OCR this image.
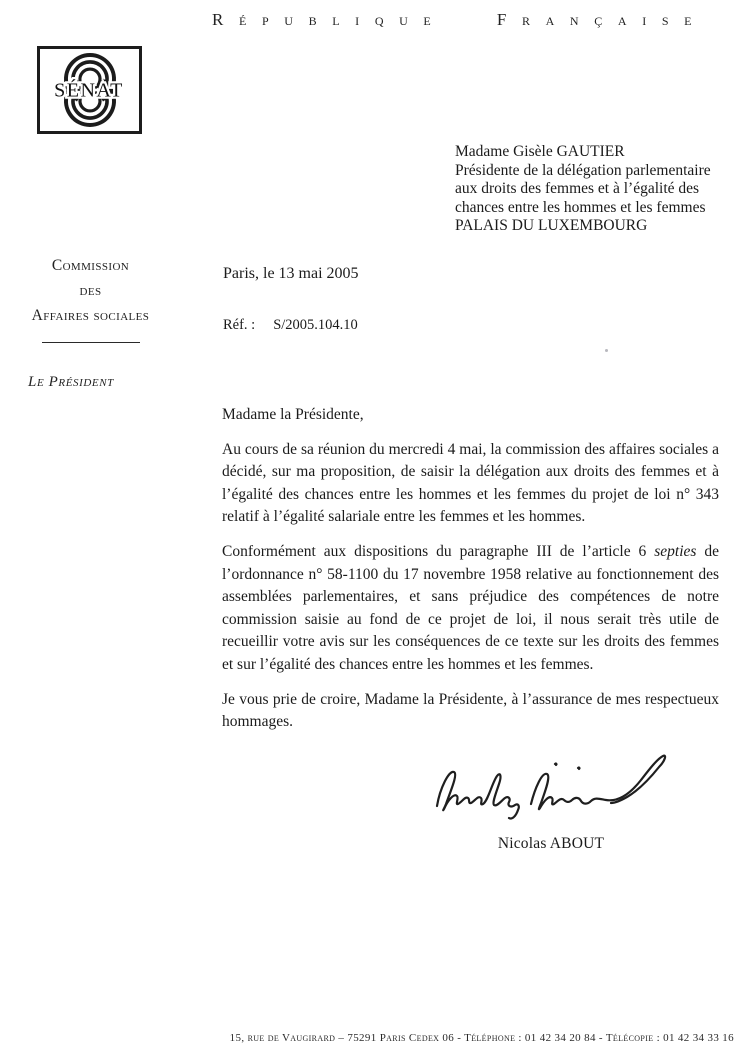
République Française
SÉNAT
Madame Gisèle GAUTIER
Présidente de la délégation parlementaire
aux droits des femmes et à l’égalité des
chances entre les hommes et les femmes
PALAIS DU LUXEMBOURG
Commission
des
Affaires sociales
Le Président
Paris, le 13 mai 2005
Réf. : S/2005.104.10

Madame la Présidente,

Au cours de sa réunion du mercredi 4 mai, la commission des affaires sociales a décidé, sur ma proposition, de saisir la délégation aux droits des femmes et à l’égalité des chances entre les hommes et les femmes du projet de loi n° 343 relatif à l’égalité salariale entre les femmes et les hommes.

Conformément aux dispositions du paragraphe III de l’article 6 septies de l’ordonnance n° 58-1100 du 17 novembre 1958 relative au fonctionnement des assemblées parlementaires, et sans préjudice des compétences de notre commission saisie au fond de ce projet de loi, il nous serait très utile de recueillir votre avis sur les conséquences de ce texte sur les droits des femmes et sur l’égalité des chances entre les hommes et les femmes.

Je vous prie de croire, Madame la Présidente, à l’assurance de mes respectueux hommages.

Nicolas ABOUT
15, rue de Vaugirard – 75291 Paris Cedex 06 - Téléphone : 01 42 34 20 84 - Télécopie : 01 42 34 33 16
